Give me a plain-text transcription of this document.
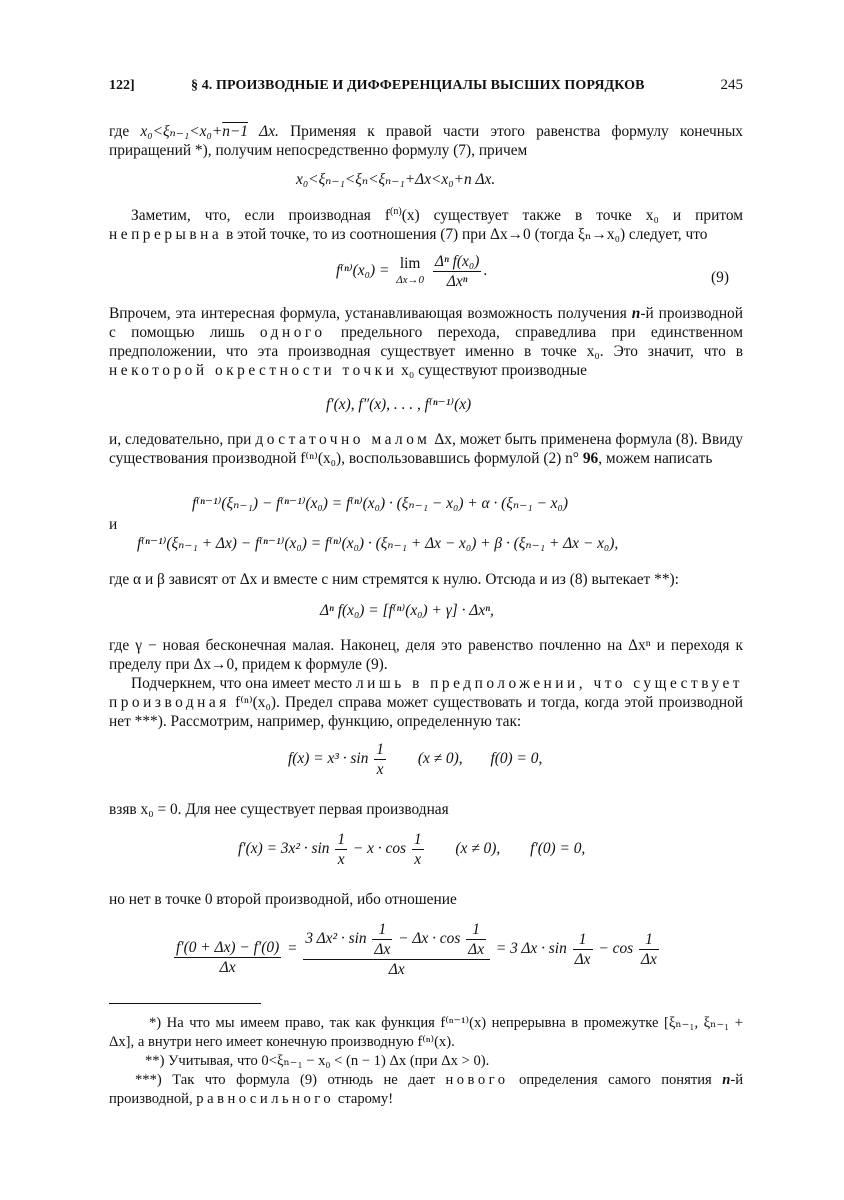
122]	§ 4. ПРОИЗВОДНЫЕ И ДИФФЕРЕНЦИАЛЫ ВЫСШИХ ПОРЯДКОВ	245
где x₀<ξₙ₋₁<x₀+n−1 Δx. Применяя к правой части этого равенства формулу конечных приращений *), получим непосредственно формулу (7), причем
x₀<ξₙ₋₁<ξₙ<ξₙ₋₁+Δx<x₀+n Δx.
Заметим, что, если производная $f^{(n)}(x)$ существует также в точке x₀ и притом непрерывна в этой точке, то из соотношения (7) при Δx→0 (тогда ξₙ→x₀) следует, что
f⁽ⁿ⁾(x₀) = lim
Δx→0
$\frac{\text{Δⁿ f(x₀)}}{\text{Δxⁿ}}$ .	(9)
Впрочем, эта интересная формула, устанавливающая возможность получения n-й производной с помощью лишь одного предельного перехода, справедлива при единственном предположении, что эта производная существует именно в точке x₀. Это значит, что в некоторой окрестности точки x₀ существуют производные
f′(x), f″(x), . . . , f⁽ⁿ⁻¹⁾(x)
и, следовательно, при достаточно малом Δx, может быть применена формула (8). Ввиду существования производной f⁽ⁿ⁾(x₀), воспользовавшись формулой (2) n° 96, можем написать
f⁽ⁿ⁻¹⁾(ξₙ₋₁) − f⁽ⁿ⁻¹⁾(x₀) = f⁽ⁿ⁾(x₀) · (ξₙ₋₁ − x₀) + α · (ξₙ₋₁ − x₀)
и
f⁽ⁿ⁻¹⁾(ξₙ₋₁ + Δx) − f⁽ⁿ⁻¹⁾(x₀) = f⁽ⁿ⁾(x₀) · (ξₙ₋₁ + Δx − x₀) + β · (ξₙ₋₁ + Δx − x₀),
где α и β зависят от Δx и вместе с ним стремятся к нулю. Отсюда и из (8) вытекает **):
Δⁿ f(x₀) = [f⁽ⁿ⁾(x₀) + γ] · Δxⁿ,
где γ − новая бесконечная малая. Наконец, деля это равенство почленно на Δxⁿ и переходя к пределу при Δx→0, придем к формуле (9).
Подчеркнем, что она имеет место лишь в предположении, что существует производная f⁽ⁿ⁾(x₀). Предел справа может существовать и тогда, когда этой производной нет ***). Рассмотрим, например, функцию, определенную так:
$f(x) = x^3 \cdot \sin \frac{1}{x} (x \ne 0)$, f(0) = 0,
взяв x₀ = 0. Для нее существует первая производная
$f'(x) = 3x^2 \cdot \sin \frac{1}{x} - x \cdot \cos \frac{1}{x} (x \ne 0)$, f′(0) = 0,
но нет в точке 0 второй производной, ибо отношение
$\frac{f'(0 + \Delta x) - f'(0)}{\Delta x} = \frac{3 \Delta x^2 \cdot \sin \frac{1}{\Delta x} - \Delta x \cdot \cos \frac{1}{\Delta x}}{\Delta x} = 3$ $\Delta x \cdot \sin \frac{1}{\Delta x} - \cos \frac{1}{\Delta x}$
*) На что мы имеем право, так как функция f⁽ⁿ⁻¹⁾(x) непрерывна в промежутке [ξₙ₋₁, ξₙ₋₁ + Δx], а внутри него имеет конечную производную f⁽ⁿ⁾(x).
**) Учитывая, что 0<ξₙ₋₁ − x₀ < (n − 1) Δx (при Δx > 0).
***) Так что формула (9) отнюдь не дает нового определения самого понятия n-й производной, равносильного старому!
